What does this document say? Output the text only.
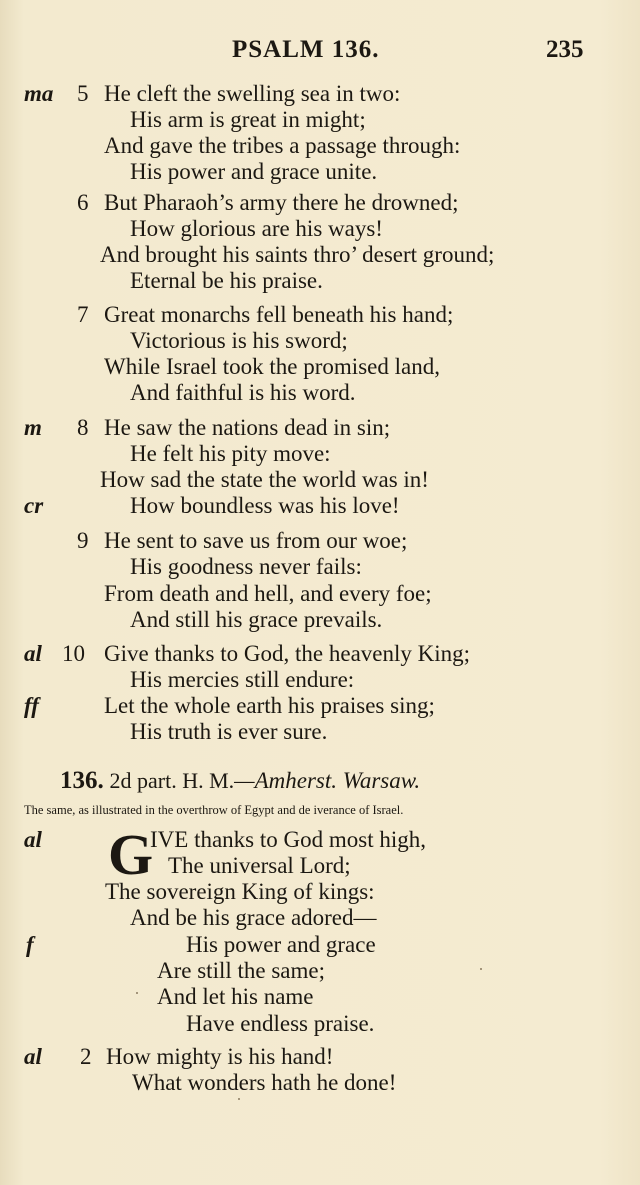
PSALM 136.	235
ma 5 He cleft the swelling sea in two:
His arm is great in might;
And gave the tribes a passage through:
His power and grace unite.
6 But Pharaoh’s army there he drowned;
How glorious are his ways!
And brought his saints thro’ desert ground;
Eternal be his praise.
7 Great monarchs fell beneath his hand;
Victorious is his sword;
While Israel took the promised land,
And faithful is his word.
m 8 He saw the nations dead in sin;
He felt his pity move:
How sad the state the world was in!
cr	How boundless was his love!
9 He sent to save us from our woe;
His goodness never fails:
From death and hell, and every foe;
And still his grace prevails.
al 10 Give thanks to God, the heavenly King;
His mercies still endure:
ff	Let the whole earth his praises sing;
His truth is ever sure.
136. 2d part. H. M.—Amherst. Warsaw.
The same, as illustrated in the overthrow of Egypt and de iverance of Israel.
al G
IVE thanks to God most high,
The universal Lord;
The sovereign King of kings:
And be his grace adored—
f	His power and grace
Are still the same;
And let his name
Have endless praise.
al 2 How mighty is his hand!
What wonders hath he done!
